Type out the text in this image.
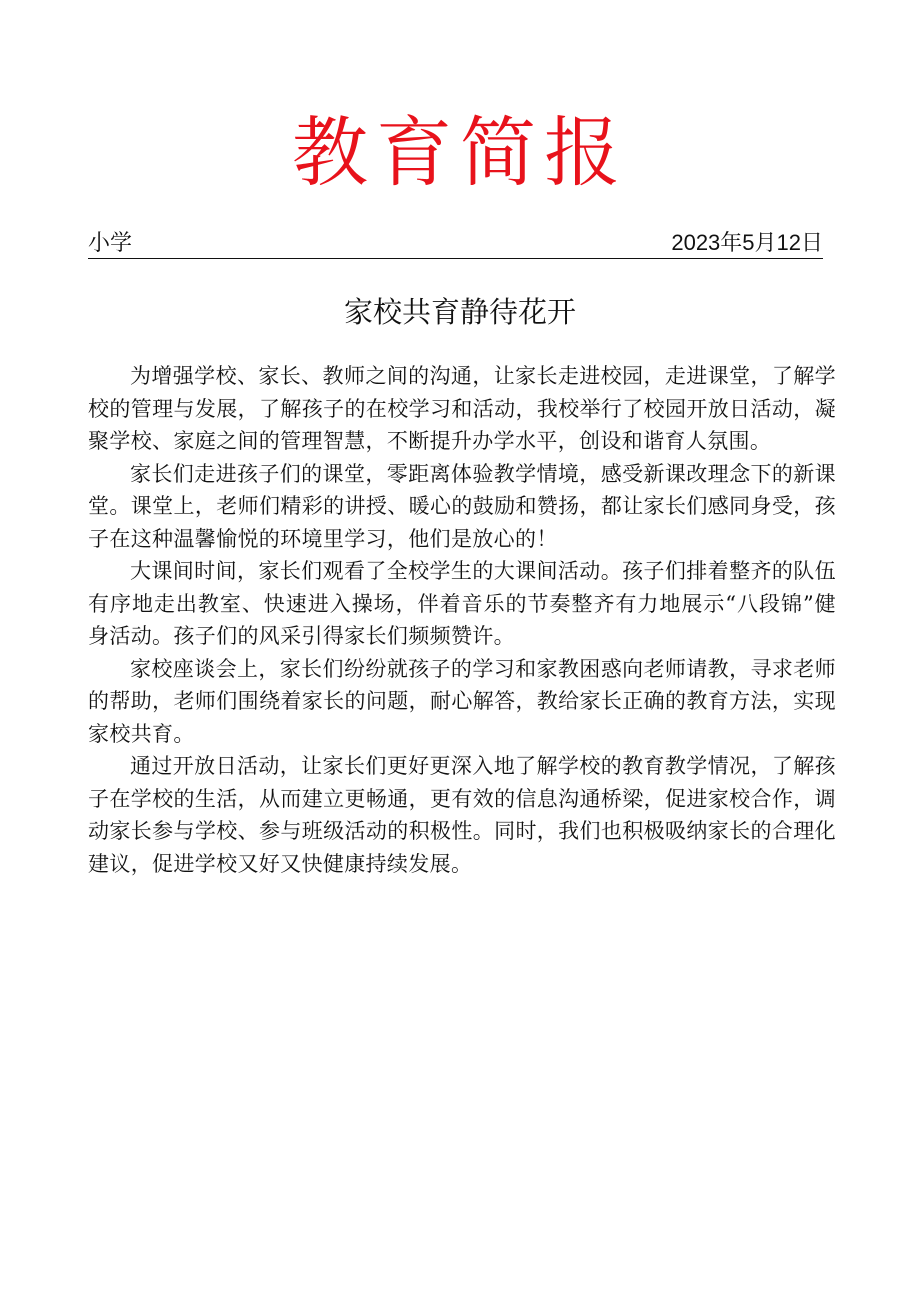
教育简报
小学	2023年5月12日
家校共育静待花开

为增强学校、家长、教师之间的沟通，让家长走进校园，走进课堂，了解学校的管理与发展，了解孩子的在校学习和活动，我校举行了校园开放日活动，凝聚学校、家庭之间的管理智慧，不断提升办学水平，创设和谐育人氛围。

家长们走进孩子们的课堂，零距离体验教学情境，感受新课改理念下的新课堂。课堂上，老师们精彩的讲授、暖心的鼓励和赞扬，都让家长们感同身受，孩子在这种温馨愉悦的环境里学习，他们是放心的！

大课间时间，家长们观看了全校学生的大课间活动。孩子们排着整齐的队伍有序地走出教室、快速进入操场，伴着音乐的节奏整齐有力地展示“八段锦”健身活动。孩子们的风采引得家长们频频赞许。

家校座谈会上，家长们纷纷就孩子的学习和家教困惑向老师请教，寻求老师的帮助，老师们围绕着家长的问题，耐心解答，教给家长正确的教育方法，实现家校共育。

通过开放日活动，让家长们更好更深入地了解学校的教育教学情况，了解孩子在学校的生活，从而建立更畅通，更有效的信息沟通桥梁，促进家校合作，调动家长参与学校、参与班级活动的积极性。同时，我们也积极吸纳家长的合理化建议，促进学校又好又快健康持续发展。
